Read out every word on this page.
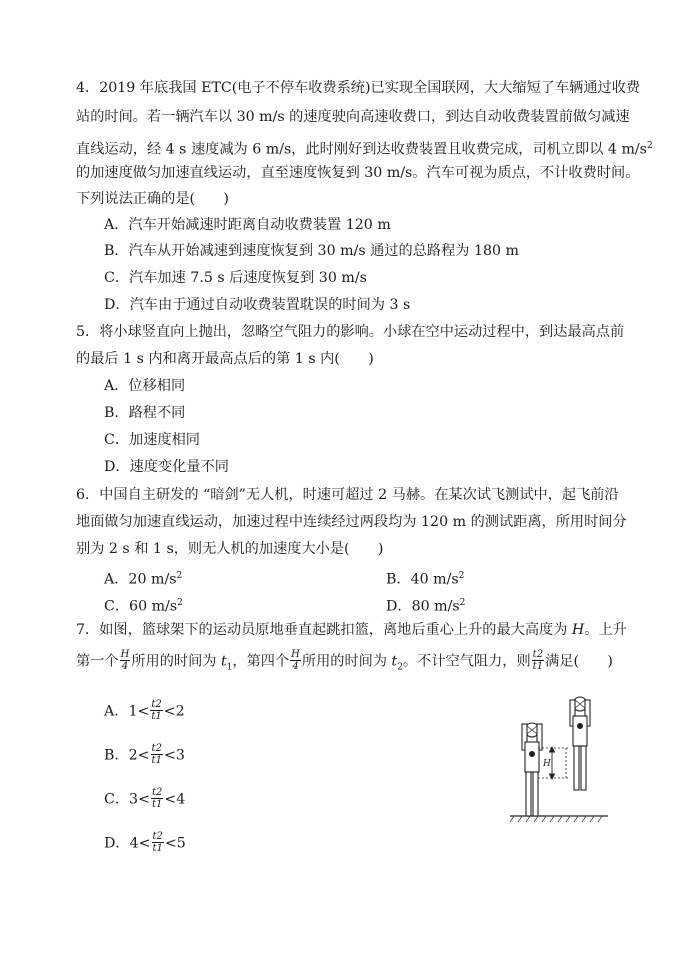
4．2019 年底我国 ETC(电子不停车收费系统)已实现全国联网，大大缩短了车辆通过收费
站的时间。若一辆汽车以 30 m/s 的速度驶向高速收费口，到达自动收费装置前做匀减速
直线运动，经 4 s 速度减为 6 m/s，此时刚好到达收费装置且收费完成，司机立即以 4 $m/s^2$
的加速度做匀加速直线运动，直至速度恢复到 30 m/s。汽车可视为质点，不计收费时间。
下列说法正确的是(　　)
A．汽车开始减速时距离自动收费装置 120 m
B．汽车从开始减速到速度恢复到 30 m/s 通过的总路程为 180 m
C．汽车加速 7.5 s 后速度恢复到 30 m/s
D．汽车由于通过自动收费装置耽误的时间为 3 s
5．将小球竖直向上抛出，忽略空气阻力的影响。小球在空中运动过程中，到达最高点前
的最后 1 s 内和离开最高点后的第 1 s 内(　　)
A．位移相同
B．路程不同
C．加速度相同
D．速度变化量不同
6．中国自主研发的 “暗剑”无人机，时速可超过 2 马赫。在某次试飞测试中，起飞前沿
地面做匀加速直线运动，加速过程中连续经过两段均为 120 m 的测试距离，所用时间分
别为 2 s 和 1 s，则无人机的加速度大小是(　　)
A．20 $m/s^2$	B．40 $m/s^2$
C．60 $m/s^2$	D．80 $m/s^2$
7．如图，篮球架下的运动员原地垂直起跳扣篮，离地后重心上升的最大高度为 H。上升
第一个 $\frac{H}{4}$ 所用的时间为 $t_1$，第四个 $\frac{H}{4}$ 所用的时间为 $t_2$。不计空气阻力，则 $\frac{t2}{t1}$ 满足(　　)
A．$1< \frac{t2}{t1} <2$
B．$2< \frac{t2}{t1} <3$
C．$3< \frac{t2}{t1} <4$
D．$4< \frac{t2}{t1} <5$
H
